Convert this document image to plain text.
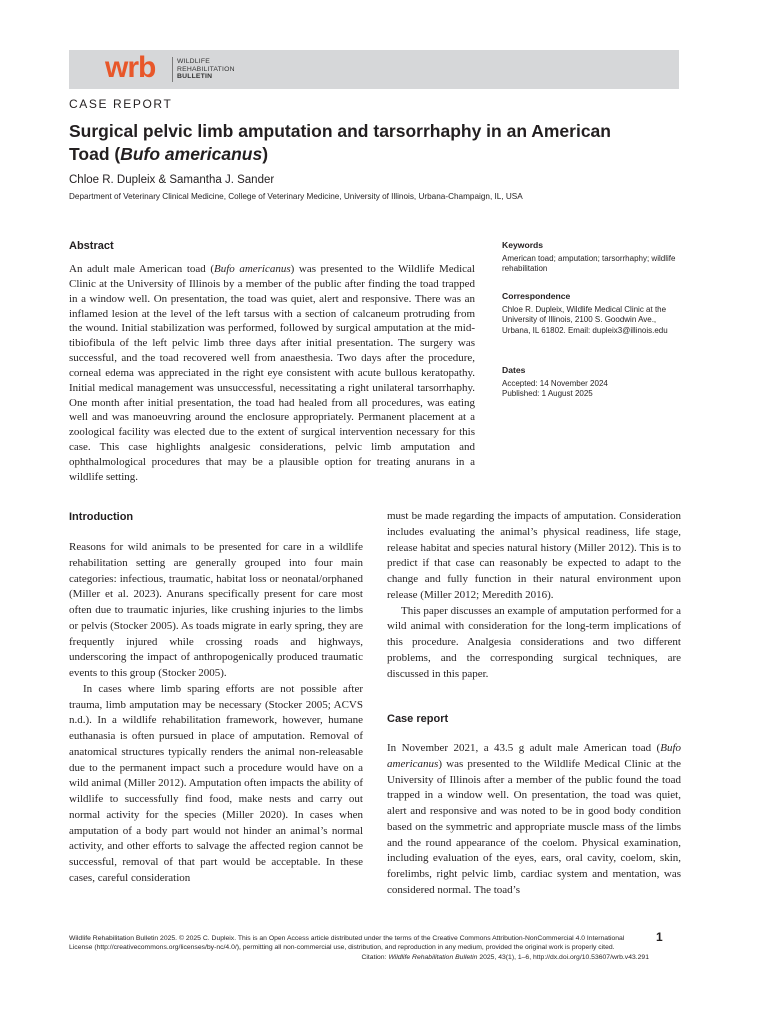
wrb	WILDLIFE
REHABILITATION
BULLETIN
CASE REPORT
Surgical pelvic limb amputation and tarsorrhaphy in an American Toad (Bufo americanus)
Chloe R. Dupleix & Samantha J. Sander
Department of Veterinary Clinical Medicine, College of Veterinary Medicine, University of Illinois, Urbana-Champaign, IL, USA
Abstract
An adult male American toad (Bufo americanus) was presented to the Wildlife Medical Clinic at the University of Illinois by a member of the public after finding the toad trapped in a window well. On presentation, the toad was quiet, alert and responsive. There was an inflamed lesion at the level of the left tarsus with a section of calcaneum protruding from the wound. Initial stabilization was performed, followed by surgical amputation at the mid-tibiofibula of the left pelvic limb three days after initial presentation. The surgery was successful, and the toad recovered well from anaesthesia. Two days after the procedure, corneal edema was appreciated in the right eye consistent with acute bullous keratopathy. Initial medical management was unsuccessful, necessitating a right unilateral tarsorrhaphy. One month after initial presentation, the toad had healed from all procedures, was eating well and was manoeuvring around the enclosure appropriately. Permanent placement at a zoological facility was elected due to the extent of surgical intervention necessary for this case. This case highlights analgesic considerations, pelvic limb amputation and ophthalmological procedures that may be a plausible option for treating anurans in a wildlife setting.
Keywords
American toad; amputation; tarsorrhaphy; wildlife rehabilitation
Correspondence
Chloe R. Dupleix, Wildlife Medical Clinic at the University of Illinois, 2100 S. Goodwin Ave., Urbana, IL 61802. Email: dupleix3@illinois.edu
Dates
Accepted: 14 November 2024
Published: 1 August 2025
Introduction

Reasons for wild animals to be presented for care in a wildlife rehabilitation setting are generally grouped into four main categories: infectious, traumatic, habitat loss or neonatal/orphaned (Miller et al. 2023). Anurans specifically present for care most often due to traumatic injuries, like crushing injuries to the limbs or pelvis (Stocker 2005). As toads migrate in early spring, they are frequently injured while crossing roads and highways, underscoring the impact of anthropogenically produced traumatic events to this group (Stocker 2005).

In cases where limb sparing efforts are not possible after trauma, limb amputation may be necessary (Stocker 2005; ACVS n.d.). In a wildlife rehabilitation framework, however, humane euthanasia is often pursued in place of amputation. Removal of anatomical structures typically renders the animal non-releasable due to the permanent impact such a procedure would have on a wild animal (Miller 2012). Amputation often impacts the ability of wildlife to successfully find food, make nests and carry out normal activity for the species (Miller 2020). In cases when amputation of a body part would not hinder an animal’s normal activity, and other efforts to salvage the affected region cannot be successful, removal of that part would be acceptable. In these cases, careful consideration

must be made regarding the impacts of amputation. Consideration includes evaluating the animal’s physical readiness, life stage, release habitat and species natural history (Miller 2012). This is to predict if that case can reasonably be expected to adapt to the change and fully function in their natural environment upon release (Miller 2012; Meredith 2016).

This paper discusses an example of amputation performed for a wild animal with consideration for the long-term implications of this procedure. Analgesia considerations and two different problems, and the corresponding surgical techniques, are discussed in this paper.

Case report

In November 2021, a 43.5 g adult male American toad (Bufo americanus) was presented to the Wildlife Medical Clinic at the University of Illinois after a member of the public found the toad trapped in a window well. On presentation, the toad was quiet, alert and responsive and was noted to be in good body condition based on the symmetric and appropriate muscle mass of the limbs and the round appearance of the coelom. Physical examination, including evaluation of the eyes, ears, oral cavity, coelom, skin, forelimbs, right pelvic limb, cardiac system and mentation, was considered normal. The toad’s

Wildlife Rehabilitation Bulletin 2025. © 2025 C. Dupleix. This is an Open Access article distributed under the terms of the Creative Commons Attribution-NonCommercial 4.0 International License (http://creativecommons.org/licenses/by-nc/4.0/), permitting all non-commercial use, distribution, and reproduction in any medium, provided the original work is properly cited.
Citation: Wildlife Rehabilitation Bulletin 2025, 43(1), 1–6, http://dx.doi.org/10.53607/wrb.v43.291
1
